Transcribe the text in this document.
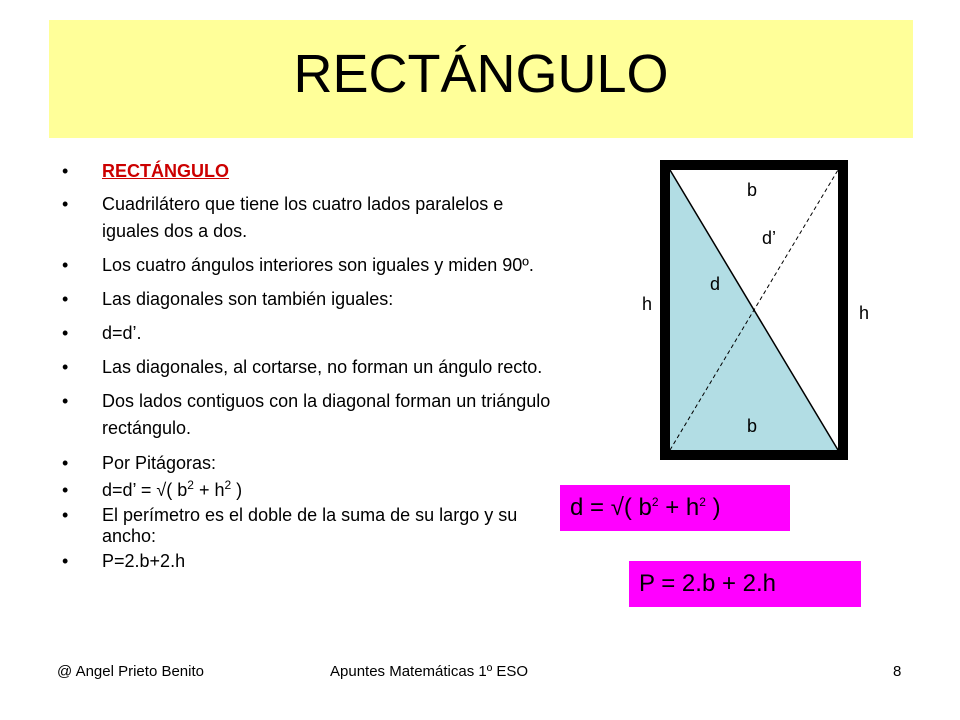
RECTÁNGULO
• RECTÁNGULO
• Cuadrilátero que tiene los cuatro lados paralelos e iguales dos a dos.
• Los cuatro ángulos interiores son iguales y miden 90º.
• Las diagonales son también iguales:
• d=d’.
• Las diagonales, al cortarse, no forman un ángulo recto.
• Dos lados contiguos con la diagonal forman un triángulo rectángulo.
• Por Pitágoras:
• d=d’ = √( $b^2 + h^2$ )
• El perímetro es el doble de la suma de su largo y su ancho:
• P=2.b+2.h
b
d’
d
h	h
b
d = √( $b^2 + h^2$ )
P = 2.b + 2.h
@ Angel Prieto Benito	Apuntes Matemáticas 1º ESO	8
